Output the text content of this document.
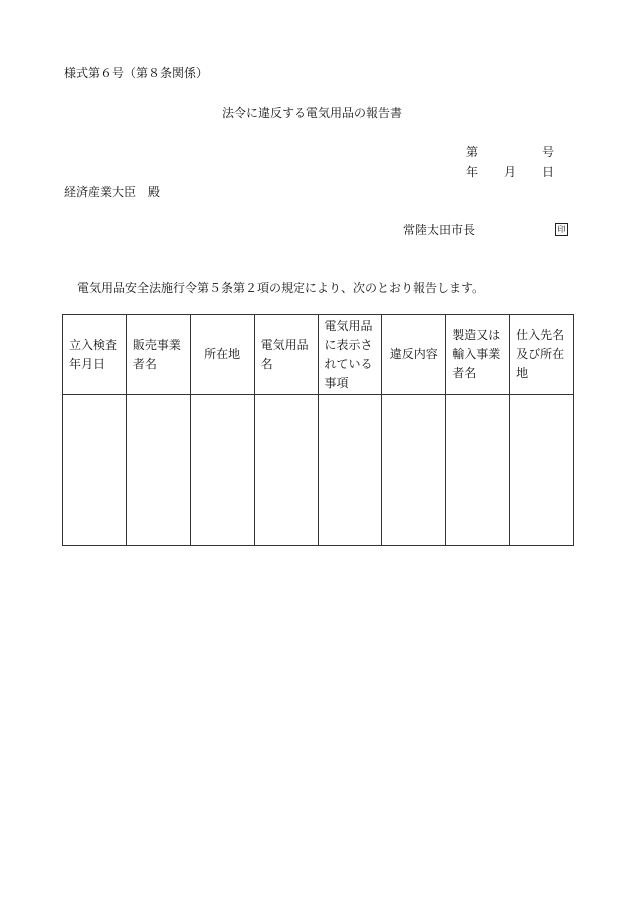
様式第６号（第８条関係）
法令に違反する電気用品の報告書
第	号
年 月 日
経済産業大臣　殿
常陸太田市長	印
電気用品安全法施行令第５条第２項の規定により、次のとおり報告します。
立入検査年月日	販売事業者名	所在地	電気用品名	電気用品に表示されている事項	違反内容	製造又は輸入事業者名	仕入先名及び所在地
